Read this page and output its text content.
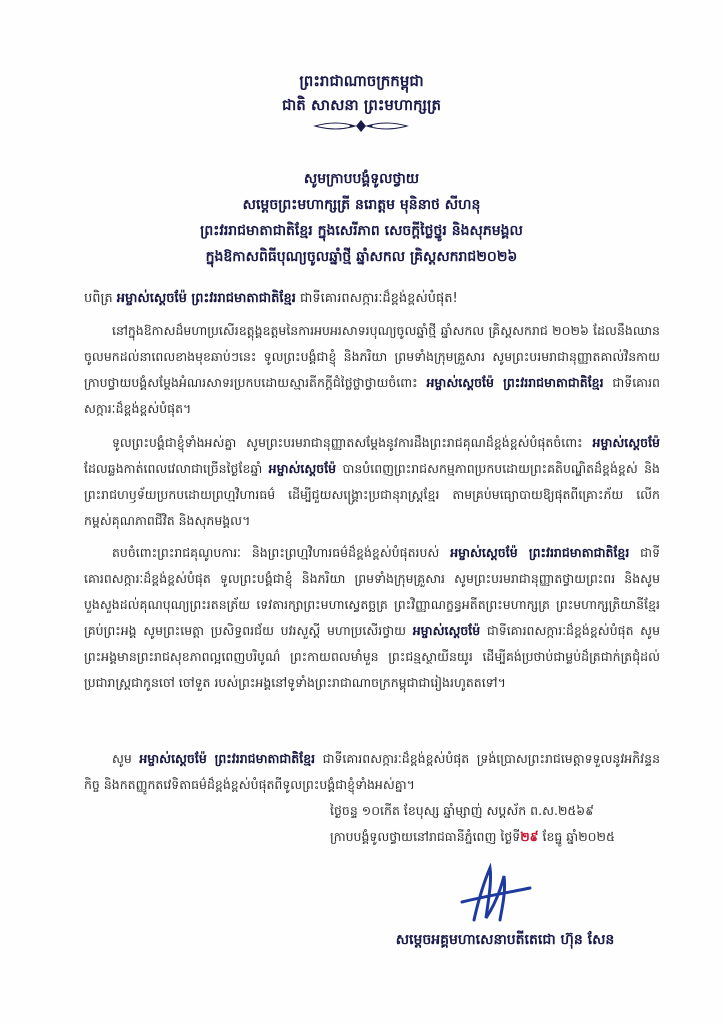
ព្រះរាជាណាចក្រកម្ពុជា
ជាតិ សាសនា ព្រះមហាក្សត្រ
សូមក្រាបបង្គំទូលថ្វាយ
សម្តេចព្រះមហាក្សត្រី នរោត្តម មុនិនាថ សីហនុ
ព្រះវររាជមាតាជាតិខ្មែរ ក្នុងសេរីភាព សេចក្តីថ្លៃថ្នូរ និងសុភមង្គល
ក្នុងឱកាសពិធីបុណ្យចូលឆ្នាំថ្មី ឆ្នាំសកល គ្រិស្តសករាជ២០២៦
បពិត្រ អម្ចាស់ស្ដេចម៉ែ ព្រះវររាជមាតាជាតិខ្មែរ ជាទីគោរពសក្ការៈដ៏ខ្ពង់ខ្ពស់បំផុត!
នៅក្នុងឱកាសដ៏មហាប្រសើរឧត្តុង្គឧត្តមនៃការអបអរសាទរបុណ្យចូលឆ្នាំថ្មី ឆ្នាំសកល គ្រិស្តសករាជ ២០២៦ ដែលនឹងឈានចូលមកដល់នាពេលខាងមុខឆាប់ៗនេះ ទូលព្រះបង្គំជាខ្ញុំ និងភរិយា ព្រមទាំងក្រុមគ្រួសារ សូមព្រះបរមរាជានុញ្ញាតគាល់វិនកាយក្រាបថ្វាយបង្គំសម្តែងអំណរសាទរប្រកបដោយស្មារតីកក្តីជំថ្លៃថ្លាថ្វាយចំពោះ អម្ចាស់ស្ដេចម៉ែ ព្រះវររាជមាតាជាតិខ្មែរ ជាទីគោរពសក្ការៈដ៏ខ្ពង់ខ្ពស់បំផុត។
ទូលព្រះបង្គំជាខ្ញុំទាំងអស់គ្នា សូមព្រះបរមរាជានុញ្ញាតសម្តែងនូវការដឹងព្រះរាជគុណដ៏ខ្ពង់ខ្ពស់បំផុតចំពោះ អម្ចាស់ស្ដេចម៉ែ ដែលឆ្លងកាត់ពេលវេលាជាច្រើនថ្ងៃខែឆ្នាំ អម្ចាស់ស្ដេចម៉ែ បានបំពេញព្រះរាជសកម្មភាពប្រកបដោយព្រះគតិបណ្ឌិតដ៏ខ្ពង់ខ្ពស់ និងព្រះរាជហឫទ័យប្រកបដោយព្រហ្មវិហារធម៌ ដើម្បីជួយសង្គ្រោះប្រជានុរាស្ត្រខ្មែរ តាមគ្រប់មធ្យោបាយឱ្យផុតពីគ្រោះភ័យ លើកកម្ពស់គុណភាពជីវិត និងសុភមង្គល។
តបចំពោះព្រះរាជគុណូបការៈ និងព្រះព្រហ្មវិហារធម៌ដ៏ខ្ពង់ខ្ពស់បំផុតរបស់ អម្ចាស់ស្ដេចម៉ែ ព្រះវររាជមាតាជាតិខ្មែរ ជាទីគោរពសក្ការៈដ៏ខ្ពង់ខ្ពស់បំផុត ទូលព្រះបង្គំជាខ្ញុំ និងភរិយា ព្រមទាំងក្រុមគ្រួសារ សូមព្រះបរមរាជានុញ្ញាតថ្វាយព្រះពរ និងសូមបួងសួងដល់គុណបុណ្យព្រះរតនត្រ័យ ទេវតារក្សាព្រះមហាស្វេតច្ឆត្រ ព្រះវិញ្ញាណក្ខន្ធអតីតព្រះមហាក្សត្រ ព្រះមហាក្សត្រិយានីខ្មែរគ្រប់ព្រះអង្គ សូមព្រះមេត្តា ប្រសិទ្ធពរជ័យ បវរសួស្តី មហាប្រសើរថ្វាយ អម្ចាស់ស្ដេចម៉ែ ជាទីគោរពសក្ការៈដ៏ខ្ពង់ខ្ពស់បំផុត សូមព្រះអង្គមានព្រះរាជសុខភាពល្អពេញបរិបូណ៌ ព្រះកាយពលមាំមួន ព្រះជន្មស្ថាយីនយូរ ដើម្បីគង់ប្រថាប់ជាម្លប់ដ៏ត្រជាក់ត្រជុំដល់ប្រជារាស្ត្រជាកូនចៅ ចៅទួត របស់ព្រះអង្គនៅទូទាំងព្រះរាជាណាចក្រកម្ពុជាជារៀងរហូតតទៅ។
សូម អម្ចាស់ស្ដេចម៉ែ ព្រះវររាជមាតាជាតិខ្មែរ ជាទីគោរពសក្ការៈដ៏ខ្ពង់ខ្ពស់បំផុត ទ្រង់ប្រោសព្រះរាជមេត្តាទទួលនូវអភិវន្ទនកិច្ច និងកតញ្ញូកតវេទិតាធម៌ដ៏ខ្ពង់ខ្ពស់បំផុតពីទូលព្រះបង្គំជាខ្ញុំទាំងអស់គ្នា។
ថ្ងៃចន្ទ ១០កើត ខែបុស្ស ឆ្នាំម្សាញ់ សប្តស័ក ព.ស.២៥៦៩
ក្រាបបង្គំទូលថ្វាយនៅរាជធានីភ្នំពេញ ថ្ងៃទី២៩ ខែធ្នូ ឆ្នាំ២០២៥
សម្តេចអគ្គមហាសេនាបតីតេជោ ហ៊ុន សែន
